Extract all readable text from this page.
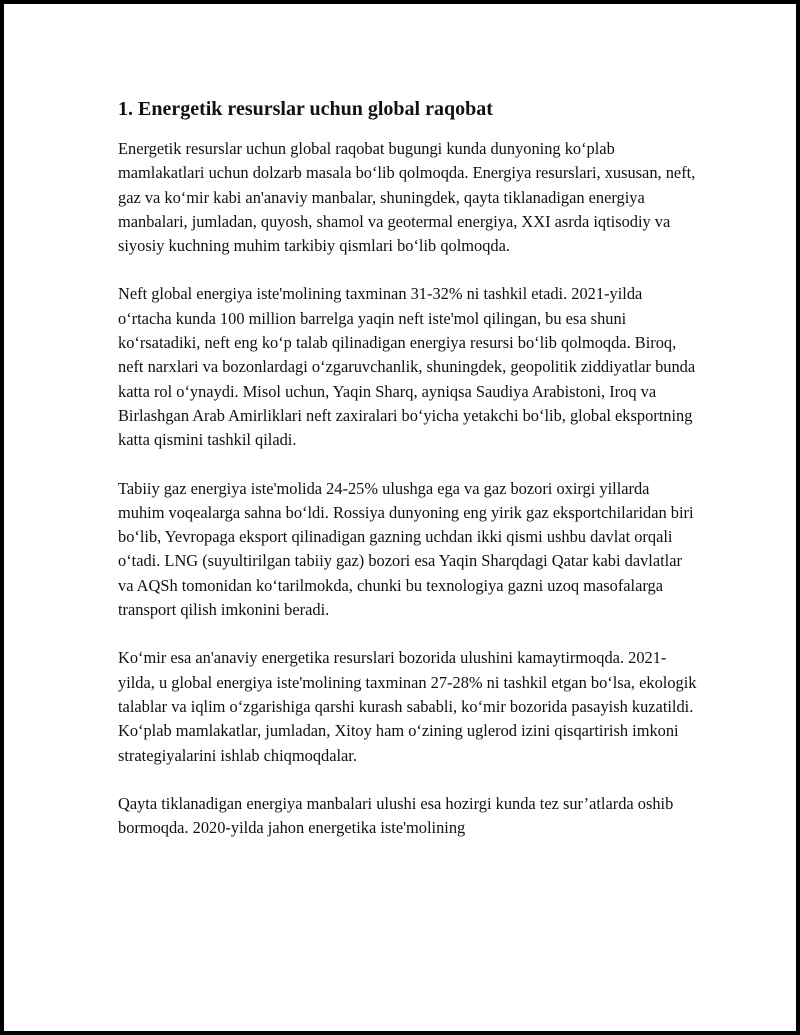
1. Energetik resurslar uchun global raqobat

Energetik resurslar uchun global raqobat bugungi kunda dunyoning koʻplab mamlakatlari uchun dolzarb masala boʻlib qolmoqda. Energiya resurslari, xususan, neft, gaz va koʻmir kabi an'anaviy manbalar, shuningdek, qayta tiklanadigan energiya manbalari, jumladan, quyosh, shamol va geotermal energiya, XXI asrda iqtisodiy va siyosiy kuchning muhim tarkibiy qismlari boʻlib qolmoqda.

Neft global energiya iste'molining taxminan 31-32% ni tashkil etadi. 2021-yilda oʻrtacha kunda 100 million barrelga yaqin neft iste'mol qilingan, bu esa shuni koʻrsatadiki, neft eng koʻp talab qilinadigan energiya resursi boʻlib qolmoqda. Biroq, neft narxlari va bozonlardagi oʻzgaruvchanlik, shuningdek, geopolitik ziddiyatlar bunda katta rol oʻynaydi. Misol uchun, Yaqin Sharq, ayniqsa Saudiya Arabistoni, Iroq va Birlashgan Arab Amirliklari neft zaxiralari boʻyicha yetakchi boʻlib, global eksportning katta qismini tashkil qiladi.

Tabiiy gaz energiya iste'molida 24-25% ulushga ega va gaz bozori oxirgi yillarda muhim voqealarga sahna boʻldi. Rossiya dunyoning eng yirik gaz eksportchilaridan biri boʻlib, Yevropaga eksport qilinadigan gazning uchdan ikki qismi ushbu davlat orqali oʻtadi. LNG (suyultirilgan tabiiy gaz) bozori esa Yaqin Sharqdagi Qatar kabi davlatlar va AQSh tomonidan koʻtarilmokda, chunki bu texnologiya gazni uzoq masofalarga transport qilish imkonini beradi.

Koʻmir esa an'anaviy energetika resurslari bozorida ulushini kamaytirmoqda. 2021-yilda, u global energiya iste'molining taxminan 27-28% ni tashkil etgan boʻlsa, ekologik talablar va iqlim oʻzgarishiga qarshi kurash sababli, koʻmir bozorida pasayish kuzatildi. Koʻplab mamlakatlar, jumladan, Xitoy ham oʻzining uglerod izini qisqartirish imkoni strategiyalarini ishlab chiqmoqdalar.

Qayta tiklanadigan energiya manbalari ulushi esa hozirgi kunda tez sur’atlarda oshib bormoqda. 2020-yilda jahon energetika iste'molining
